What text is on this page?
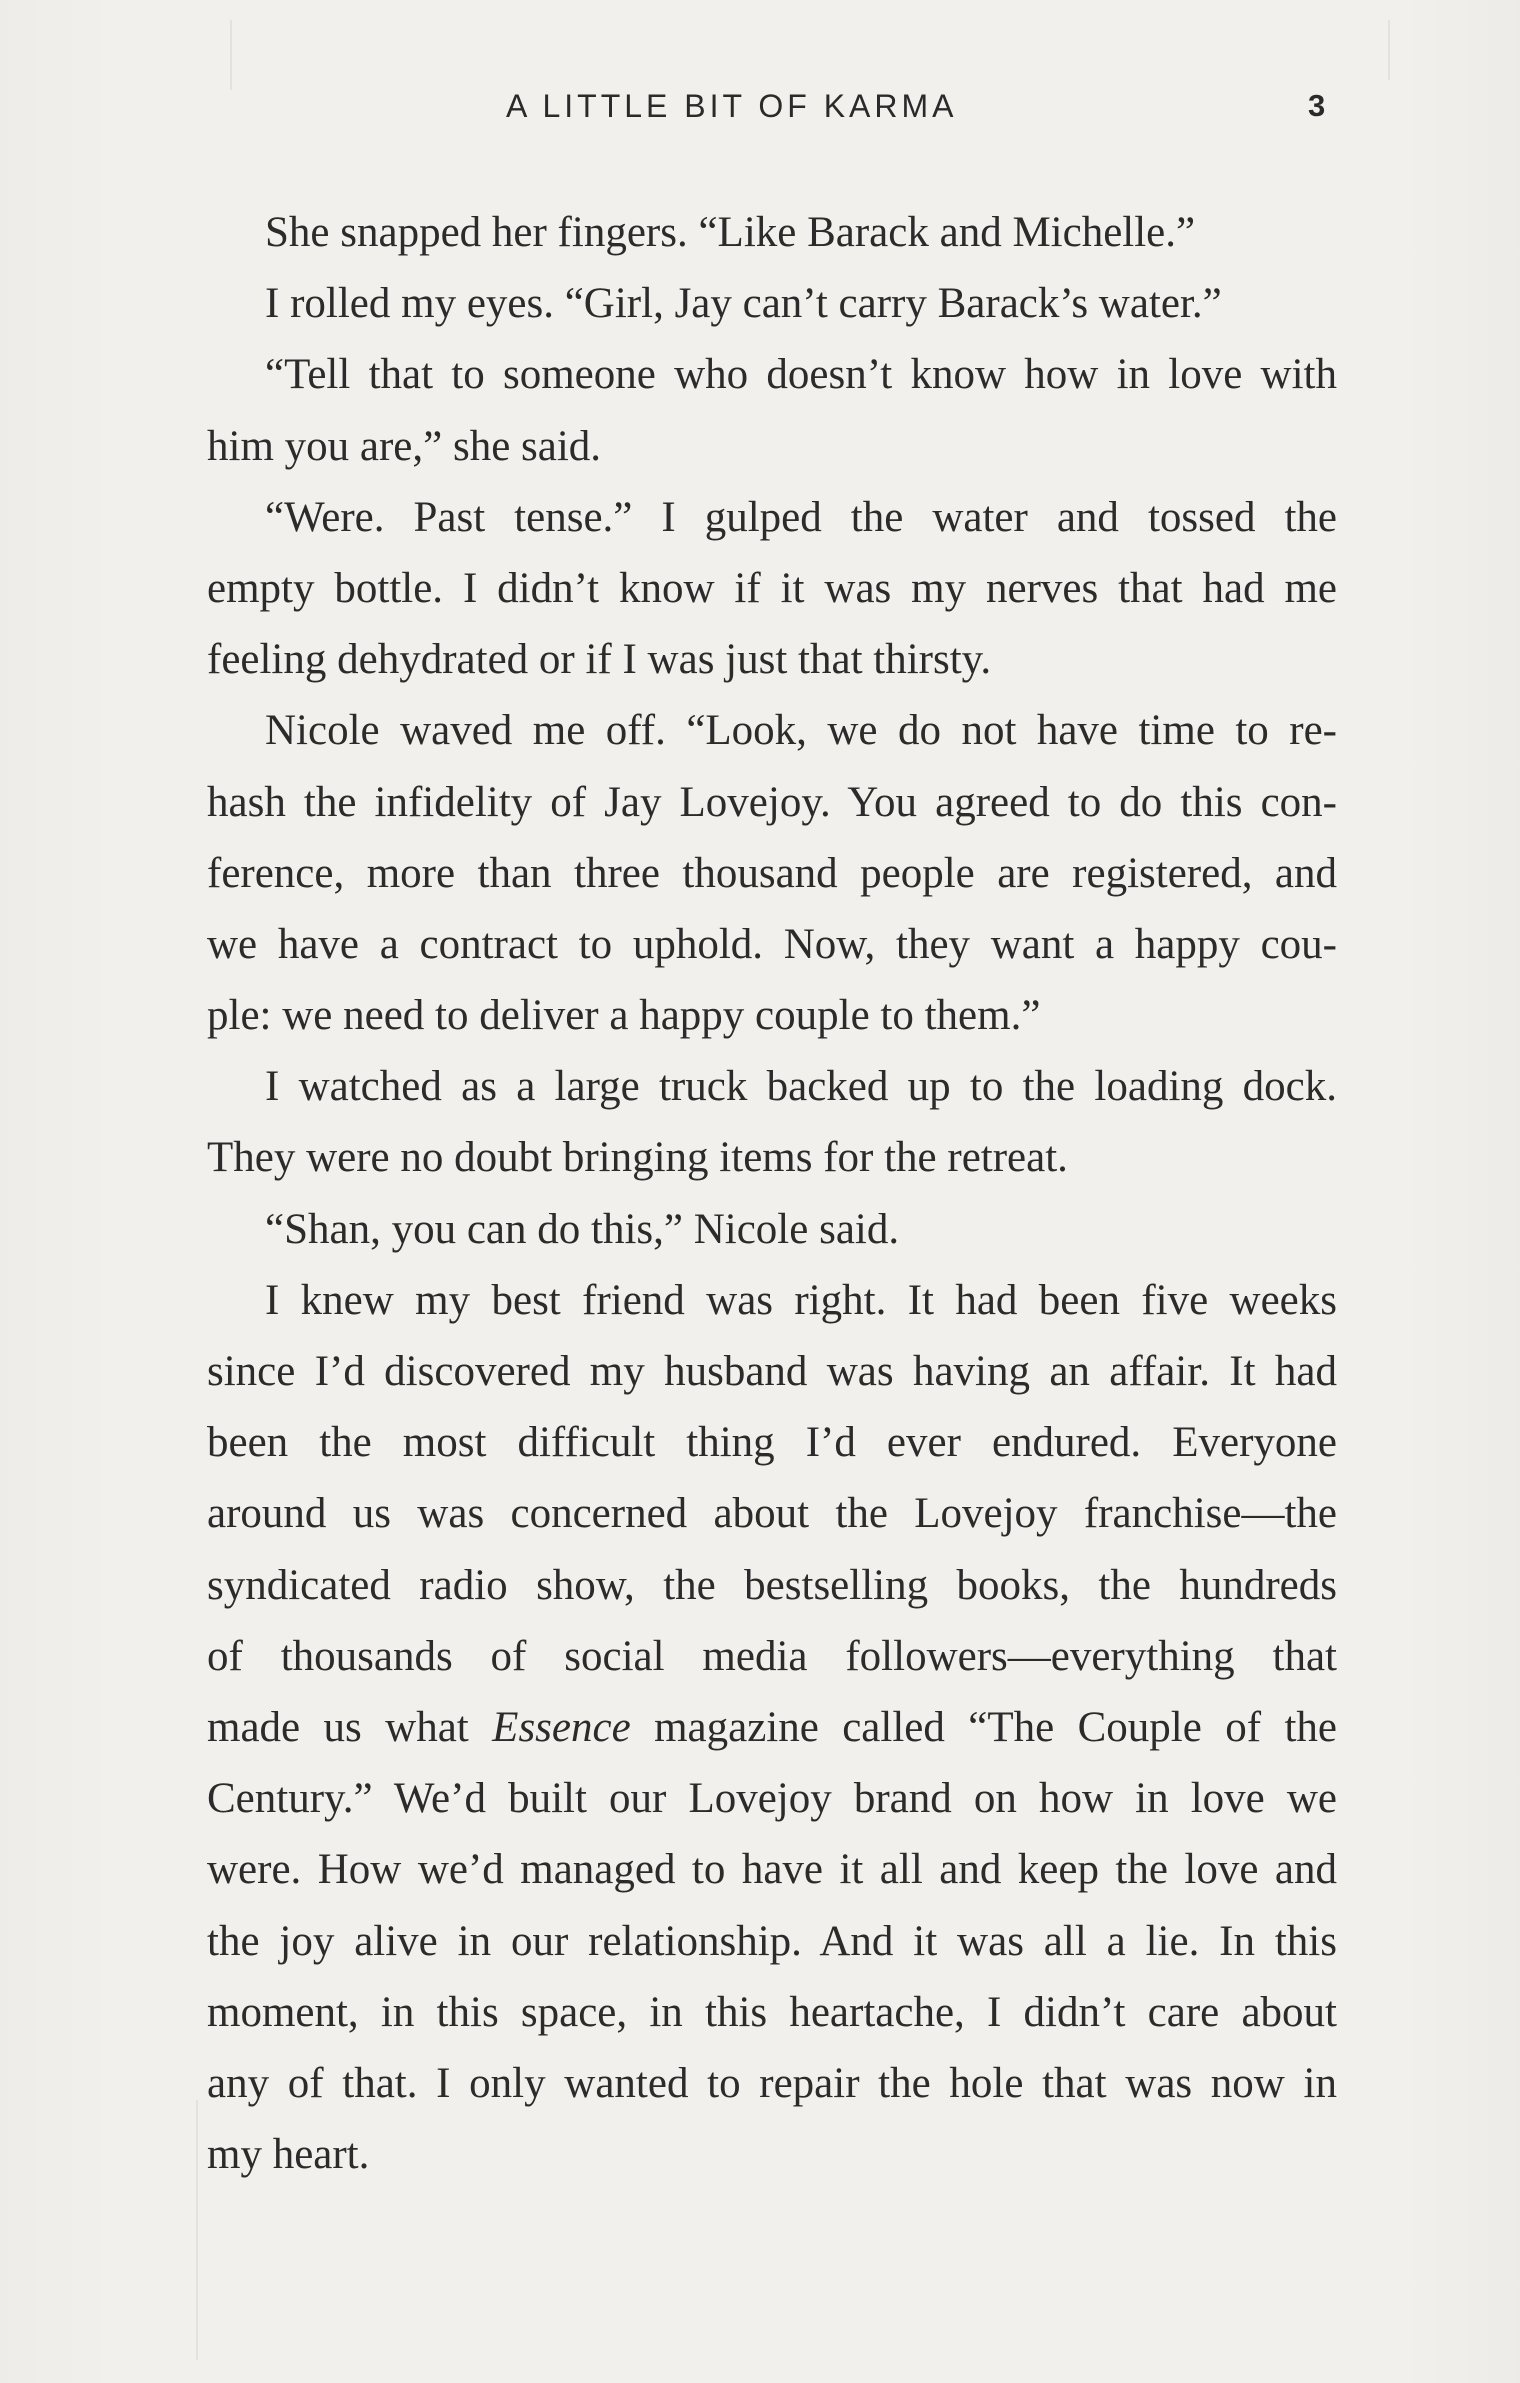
A LITTLE BIT OF KARMA	3
She snapped her fingers. “Like Barack and Michelle.”
I rolled my eyes. “Girl, Jay can’t carry Barack’s water.”
“Tell that to someone who doesn’t know how in love with
him you are,” she said.
“Were. Past tense.” I gulped the water and tossed the
empty bottle. I didn’t know if it was my nerves that had me
feeling dehydrated or if I was just that thirsty.
Nicole waved me off. “Look, we do not have time to re-
hash the infidelity of Jay Lovejoy. You agreed to do this con-
ference, more than three thousand people are registered, and
we have a contract to uphold. Now, they want a happy cou-
ple: we need to deliver a happy couple to them.”
I watched as a large truck backed up to the loading dock.
They were no doubt bringing items for the retreat.
“Shan, you can do this,” Nicole said.
I knew my best friend was right. It had been five weeks
since I’d discovered my husband was having an affair. It had
been the most difficult thing I’d ever endured. Everyone
around us was concerned about the Lovejoy franchise—the
syndicated radio show, the bestselling books, the hundreds
of thousands of social media followers—everything that
made us what Essence magazine called “The Couple of the
Century.” We’d built our Lovejoy brand on how in love we
were. How we’d managed to have it all and keep the love and
the joy alive in our relationship. And it was all a lie. In this
moment, in this space, in this heartache, I didn’t care about
any of that. I only wanted to repair the hole that was now in
my heart.
